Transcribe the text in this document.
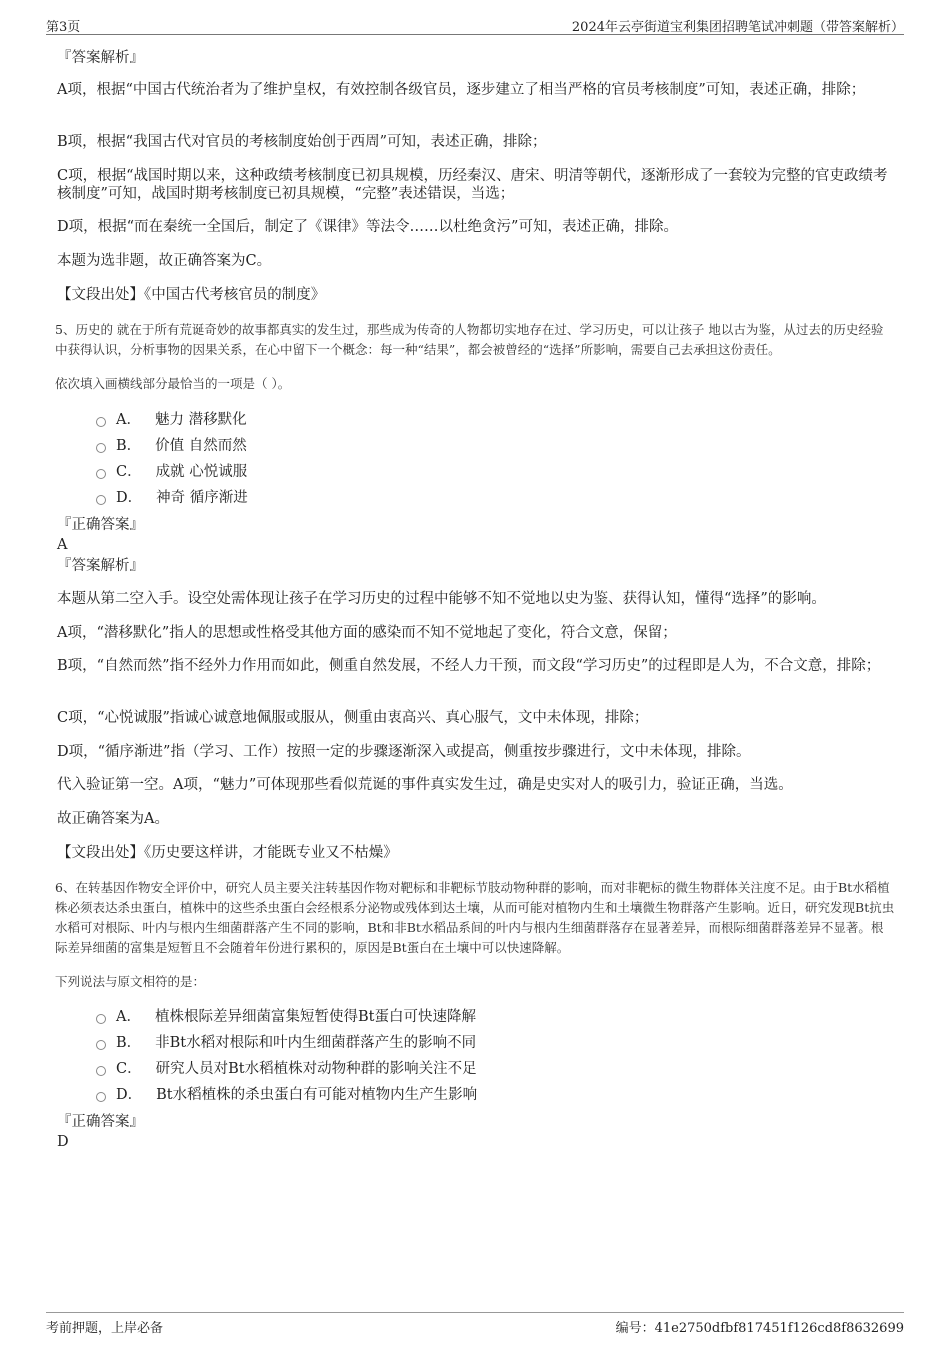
第3页	2024年云亭街道宝利集团招聘笔试冲刺题（带答案解析）

『答案解析』

A项，根据“中国古代统治者为了维护皇权，有效控制各级官员，逐步建立了相当严格的官员考核制度”可知，表述正确，排除；

B项，根据“我国古代对官员的考核制度始创于西周”可知，表述正确，排除；

C项，根据“战国时期以来，这种政绩考核制度已初具规模，历经秦汉、唐宋、明清等朝代，逐渐形成了一套较为完整的官吏政绩考核制度”可知，战国时期考核制度已初具规模，“完整”表述错误，当选；

D项，根据“而在秦统一全国后，制定了《课律》等法令……以杜绝贪污”可知，表述正确，排除。

本题为选非题，故正确答案为C。

【文段出处】《中国古代考核官员的制度》

5、历史的 就在于所有荒诞奇妙的故事都真实的发生过，那些成为传奇的人物都切实地存在过、学习历史，可以让孩子 地以古为鉴，从过去的历史经验中获得认识，分析事物的因果关系，在心中留下一个概念：每一种“结果”，都会被曾经的“选择”所影响，需要自己去承担这份责任。

依次填入画横线部分最恰当的一项是（ ）。

A． 魅力 潜移默化
B． 价值 自然而然
C． 成就 心悦诚服
D． 神奇 循序渐进

『正确答案』

A

『答案解析』

本题从第二空入手。设空处需体现让孩子在学习历史的过程中能够不知不觉地以史为鉴、获得认知，懂得“选择”的影响。

A项，“潜移默化”指人的思想或性格受其他方面的感染而不知不觉地起了变化，符合文意，保留；

B项，“自然而然”指不经外力作用而如此，侧重自然发展，不经人力干预，而文段“学习历史”的过程即是人为，不合文意，排除；

C项，“心悦诚服”指诚心诚意地佩服或服从，侧重由衷高兴、真心服气，文中未体现，排除；

D项，“循序渐进”指（学习、工作）按照一定的步骤逐渐深入或提高，侧重按步骤进行，文中未体现，排除。

代入验证第一空。A项，“魅力”可体现那些看似荒诞的事件真实发生过，确是史实对人的吸引力，验证正确，当选。

故正确答案为A。

【文段出处】《历史要这样讲，才能既专业又不枯燥》

6、在转基因作物安全评价中，研究人员主要关注转基因作物对靶标和非靶标节肢动物种群的影响，而对非靶标的微生物群体关注度不足。由于Bt水稻植株必须表达杀虫蛋白，植株中的这些杀虫蛋白会经根系分泌物或残体到达土壤，从而可能对植物内生和土壤微生物群落产生影响。近日，研究发现Bt抗虫水稻可对根际、叶内与根内生细菌群落产生不同的影响，Bt和非Bt水稻品系间的叶内与根内生细菌群落存在显著差异，而根际细菌群落差异不显著。根际差异细菌的富集是短暂且不会随着年份进行累积的，原因是Bt蛋白在土壤中可以快速降解。

下列说法与原文相符的是：

A． 植株根际差异细菌富集短暂使得Bt蛋白可快速降解
B． 非Bt水稻对根际和叶内生细菌群落产生的影响不同
C． 研究人员对Bt水稻植株对动物种群的影响关注不足
D． Bt水稻植株的杀虫蛋白有可能对植物内生产生影响

『正确答案』

D

考前押题，上岸必备	编号：41e2750dfbf817451f126cd8f8632699
